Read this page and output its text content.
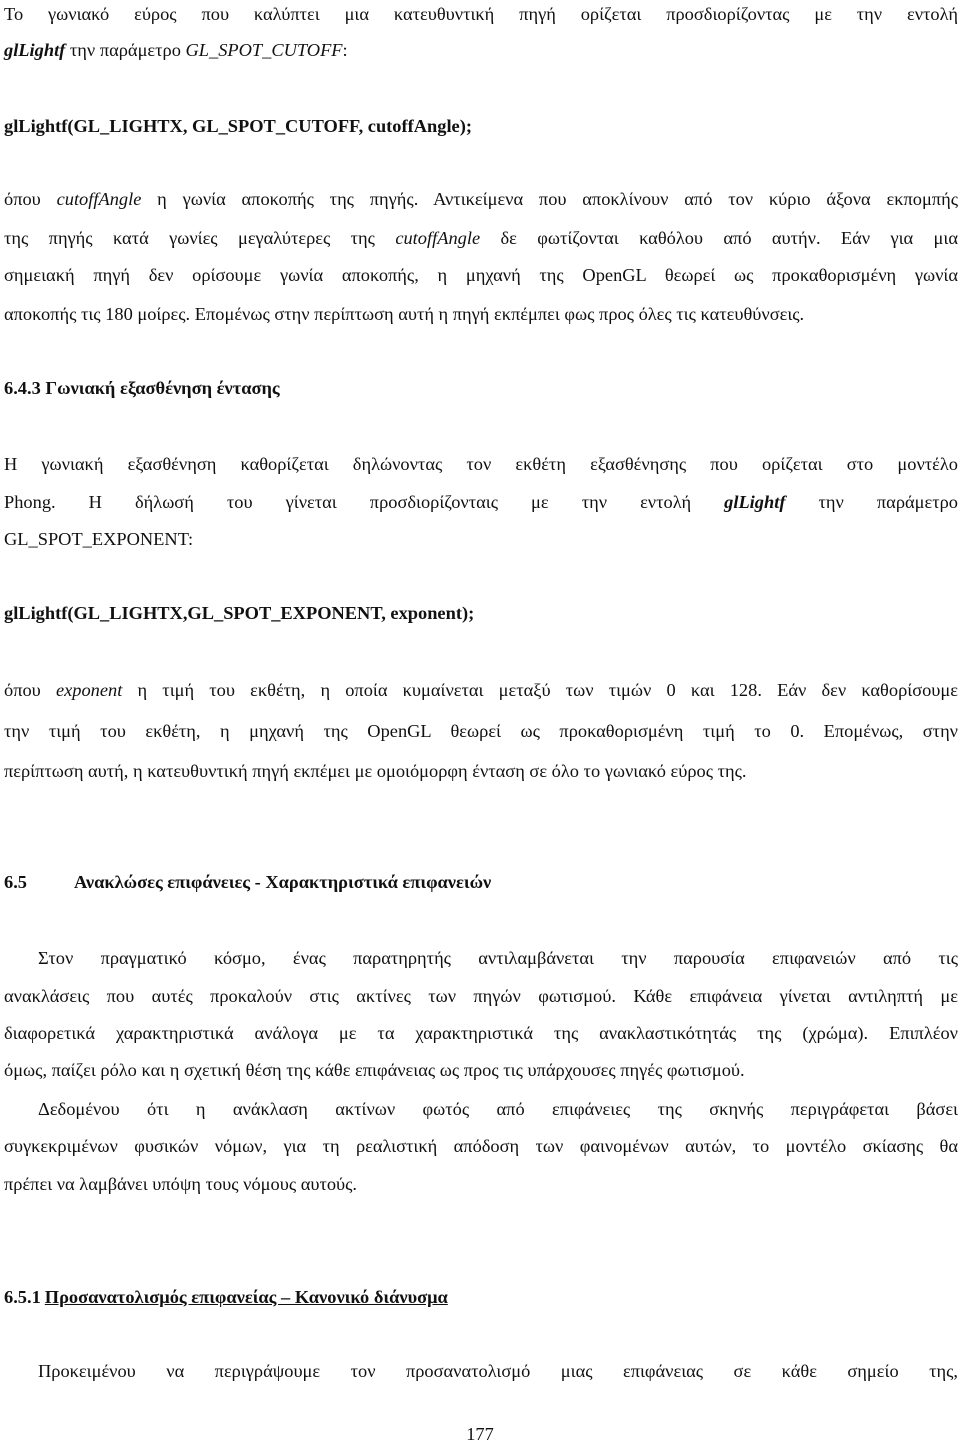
Το γωνιακό εύρος που καλύπτει μια κατευθυντική πηγή ορίζεται προσδιορίζοντας με την εντολή
glLightf την παράμετρο GL_SPOT_CUTOFF:
glLightf(GL_LIGHTX, GL_SPOT_CUTOFF, cutoffAngle);
όπου cutoffAngle η γωνία αποκοπής της πηγής. Αντικείμενα που αποκλίνουν από τον κύριο άξονα εκπομπής
της πηγής κατά γωνίες μεγαλύτερες της cutoffAngle δε φωτίζονται καθόλου από αυτήν. Εάν για μια
σημειακή πηγή δεν ορίσουμε γωνία αποκοπής, η μηχανή της OpenGL θεωρεί ως προκαθορισμένη γωνία
αποκοπής τις 180 μοίρες. Επομένως στην περίπτωση αυτή η πηγή εκπέμπει φως προς όλες τις κατευθύνσεις.
6.4.3 Γωνιακή εξασθένηση έντασης
Η γωνιακή εξασθένηση καθορίζεται δηλώνοντας τον εκθέτη εξασθένησης που ορίζεται στο μοντέλο
Phong. Η δήλωσή του γίνεται προσδιορίζονταις με την εντολή glLightf την παράμετρο
GL_SPOT_EXPONENT:
glLightf(GL_LIGHTX,GL_SPOT_EXPONENT, exponent);
όπου exponent η τιμή του εκθέτη, η οποία κυμαίνεται μεταξύ των τιμών 0 και 128. Εάν δεν καθορίσουμε
την τιμή του εκθέτη, η μηχανή της OpenGL θεωρεί ως προκαθορισμένη τιμή το 0. Επομένως, στην
περίπτωση αυτή, η κατευθυντική πηγή εκπέμει με ομοιόμορφη ένταση σε όλο το γωνιακό εύρος της.
6.5	Ανακλώσες επιφάνειες - Χαρακτηριστικά επιφανειών
Στον πραγματικό κόσμο, ένας παρατηρητής αντιλαμβάνεται την παρουσία επιφανειών από τις
ανακλάσεις που αυτές προκαλούν στις ακτίνες των πηγών φωτισμού. Κάθε επιφάνεια γίνεται αντιληπτή με
διαφορετικά χαρακτηριστικά ανάλογα με τα χαρακτηριστικά της ανακλαστικότητάς της (χρώμα). Επιπλέον
όμως, παίζει ρόλο και η σχετική θέση της κάθε επιφάνειας ως προς τις υπάρχουσες πηγές φωτισμού.
Δεδομένου ότι η ανάκλαση ακτίνων φωτός από επιφάνειες της σκηνής περιγράφεται βάσει
συγκεκριμένων φυσικών νόμων, για τη ρεαλιστική απόδοση των φαινομένων αυτών, το μοντέλο σκίασης θα
πρέπει να λαμβάνει υπόψη τους νόμους αυτούς.
6.5.1 Προσανατολισμός επιφανείας – Κανονικό διάνυσμα
Προκειμένου να περιγράψουμε τον προσανατολισμό μιας επιφάνειας σε κάθε σημείο της,
177
